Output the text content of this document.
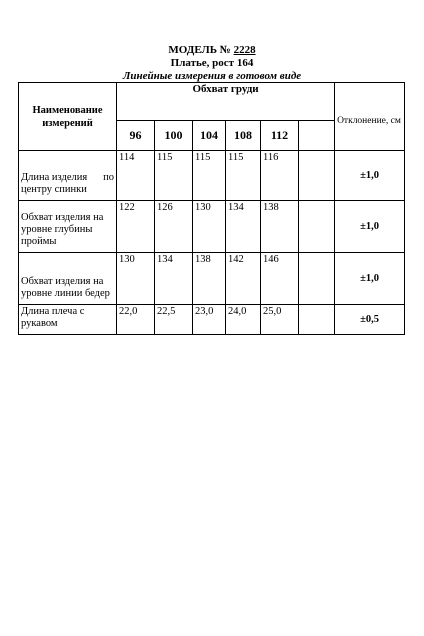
МОДЕЛЬ № 2228
Платье, рост 164
Линейные измерения в готовом виде
Наименование измерений	Обхват груди						Отклонение, см
	96	100	104	108	112		

Длина изделия по
центру спинки	114	115	115	115	116		±1,0
Обхват изделия на уровне глубины проймы	122	126	130	134	138		±1,0
Обхват изделия на уровне линии бедер	130	134	138	142	146		±1,0
Длина плеча с рукавом	22,0	22,5	23,0	24,0	25,0		±0,5
